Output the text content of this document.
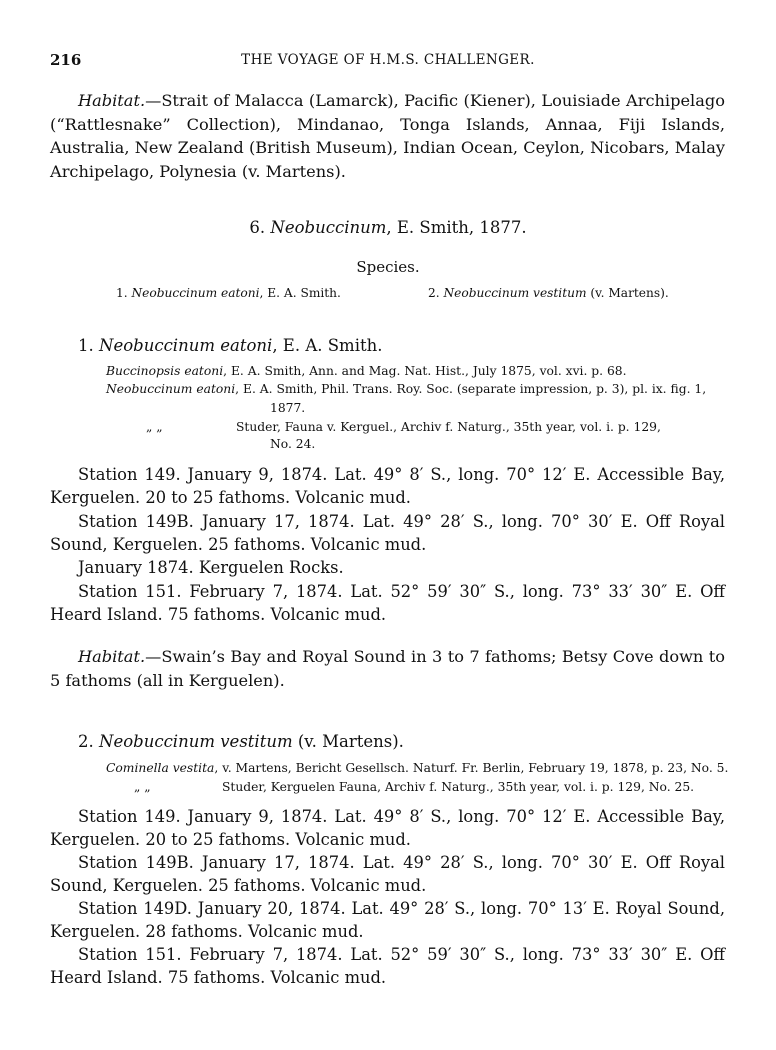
216	THE VOYAGE OF H.M.S. CHALLENGER.
Habitat.—Strait of Malacca (Lamarck), Pacific (Kiener), Louisiade Archipelago (“Rattlesnake” Collection), Mindanao, Tonga Islands, Annaa, Fiji Islands, Australia, New Zealand (British Museum), Indian Ocean, Ceylon, Nicobars, Malay Archipelago, Polynesia (v. Martens).
6. Neobuccinum, E. Smith, 1877.
Species.
1. Neobuccinum eatoni, E. A. Smith.	2. Neobuccinum vestitum (v. Martens).
1. Neobuccinum eatoni, E. A. Smith.
Buccinopsis eatoni, E. A. Smith, Ann. and Mag. Nat. Hist., July 1875, vol. xvi. p. 68.
Neobuccinum eatoni, E. A. Smith, Phil. Trans. Roy. Soc. (separate impression, p. 3), pl. ix. fig. 1,
1877.
„ „	Studer, Fauna v. Kerguel., Archiv f. Naturg., 35th year, vol. i. p. 129,
No. 24.
Station 149. January 9, 1874. Lat. 49° 8′ S., long. 70° 12′ E. Accessible Bay, Kerguelen. 20 to 25 fathoms. Volcanic mud.
Station 149B. January 17, 1874. Lat. 49° 28′ S., long. 70° 30′ E. Off Royal Sound, Kerguelen. 25 fathoms. Volcanic mud.
January 1874. Kerguelen Rocks.
Station 151. February 7, 1874. Lat. 52° 59′ 30″ S., long. 73° 33′ 30″ E. Off Heard Island. 75 fathoms. Volcanic mud.
Habitat.—Swain’s Bay and Royal Sound in 3 to 7 fathoms; Betsy Cove down to 5 fathoms (all in Kerguelen).
2. Neobuccinum vestitum (v. Martens).
Cominella vestita, v. Martens, Bericht Gesellsch. Naturf. Fr. Berlin, February 19, 1878, p. 23, No. 5.
„ „	Studer, Kerguelen Fauna, Archiv f. Naturg., 35th year, vol. i. p. 129, No. 25.
Station 149. January 9, 1874. Lat. 49° 8′ S., long. 70° 12′ E. Accessible Bay, Kerguelen. 20 to 25 fathoms. Volcanic mud.
Station 149B. January 17, 1874. Lat. 49° 28′ S., long. 70° 30′ E. Off Royal Sound, Kerguelen. 25 fathoms. Volcanic mud.
Station 149D. January 20, 1874. Lat. 49° 28′ S., long. 70° 13′ E. Royal Sound, Kerguelen. 28 fathoms. Volcanic mud.
Station 151. February 7, 1874. Lat. 52° 59′ 30″ S., long. 73° 33′ 30″ E. Off Heard Island. 75 fathoms. Volcanic mud.
